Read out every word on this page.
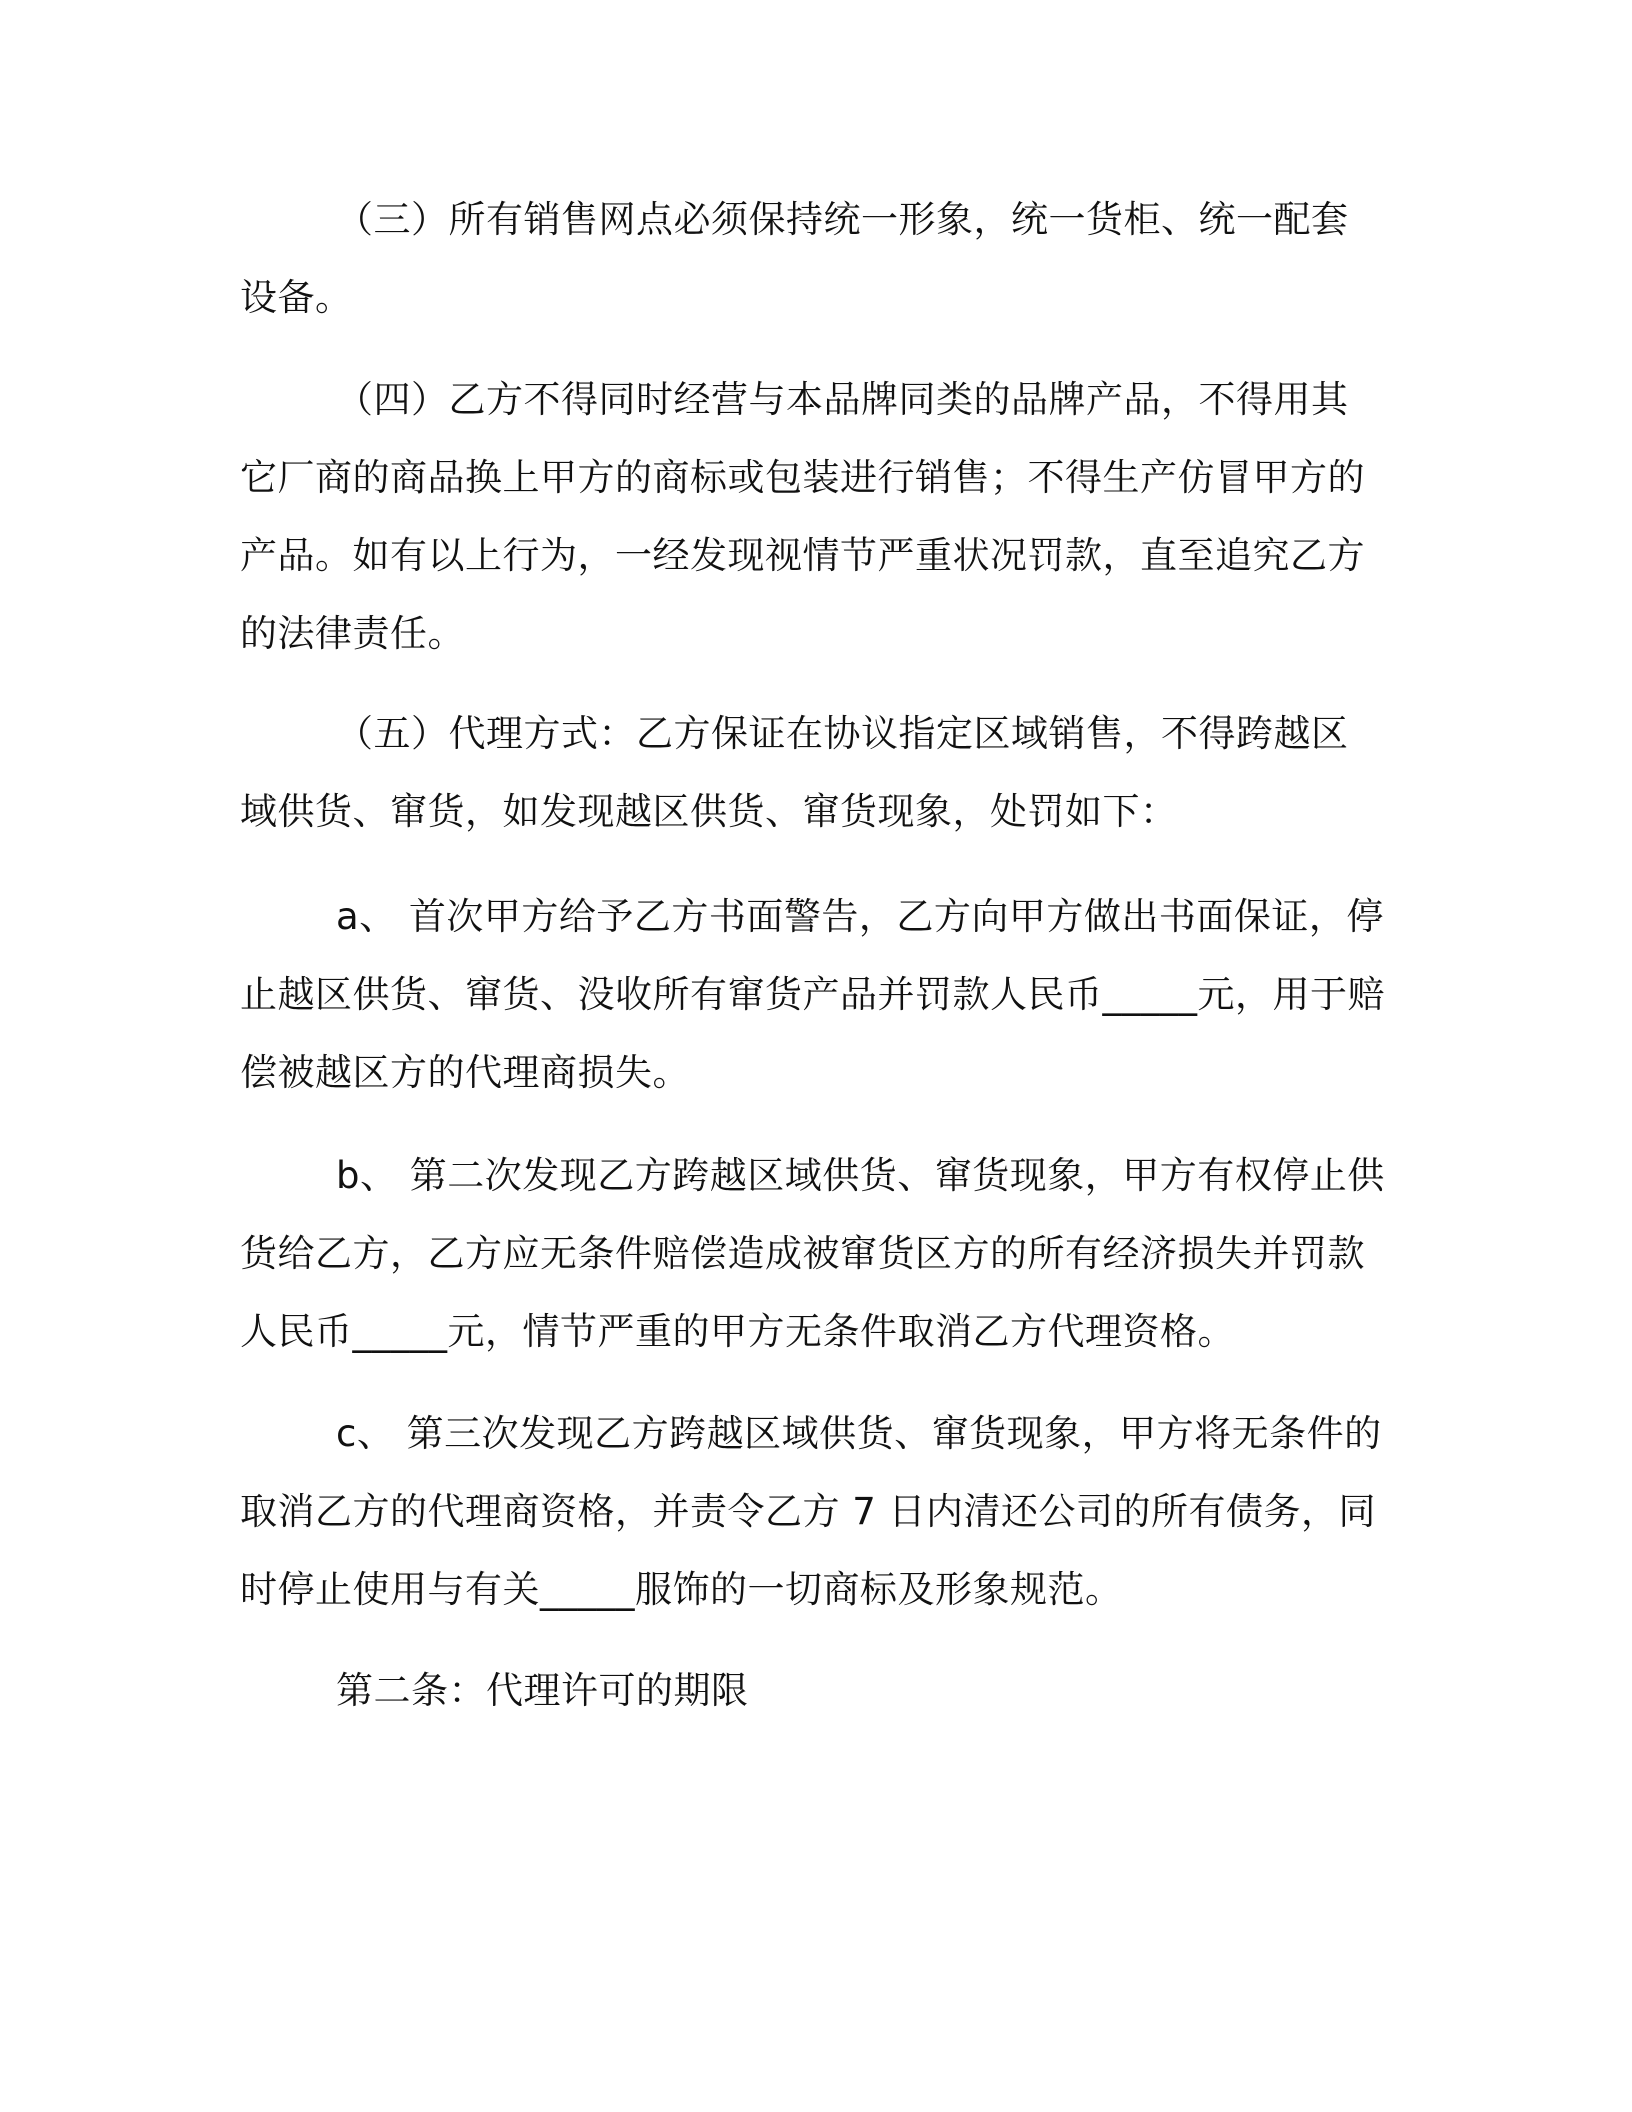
（三）所有销售网点必须保持统一形象，统一货柜、统一配套设备。

（四）乙方不得同时经营与本品牌同类的品牌产品，不得用其它厂商的商品换上甲方的商标或包装进行销售；不得生产仿冒甲方的产品。如有以上行为，一经发现视情节严重状况罚款，直至追究乙方的法律责任。

（五）代理方式：乙方保证在协议指定区域销售，不得跨越区域供货、窜货，如发现越区供货、窜货现象，处罚如下：

a、 首次甲方给予乙方书面警告，乙方向甲方做出书面保证，停止越区供货、窜货、没收所有窜货产品并罚款人民币_____元，用于赔偿被越区方的代理商损失。

b、 第二次发现乙方跨越区域供货、窜货现象，甲方有权停止供货给乙方，乙方应无条件赔偿造成被窜货区方的所有经济损失并罚款人民币_____元，情节严重的甲方无条件取消乙方代理资格。

c、 第三次发现乙方跨越区域供货、窜货现象，甲方将无条件的取消乙方的代理商资格，并责令乙方 7 日内清还公司的所有债务，同时停止使用与有关_____服饰的一切商标及形象规范。

第二条：代理许可的期限
